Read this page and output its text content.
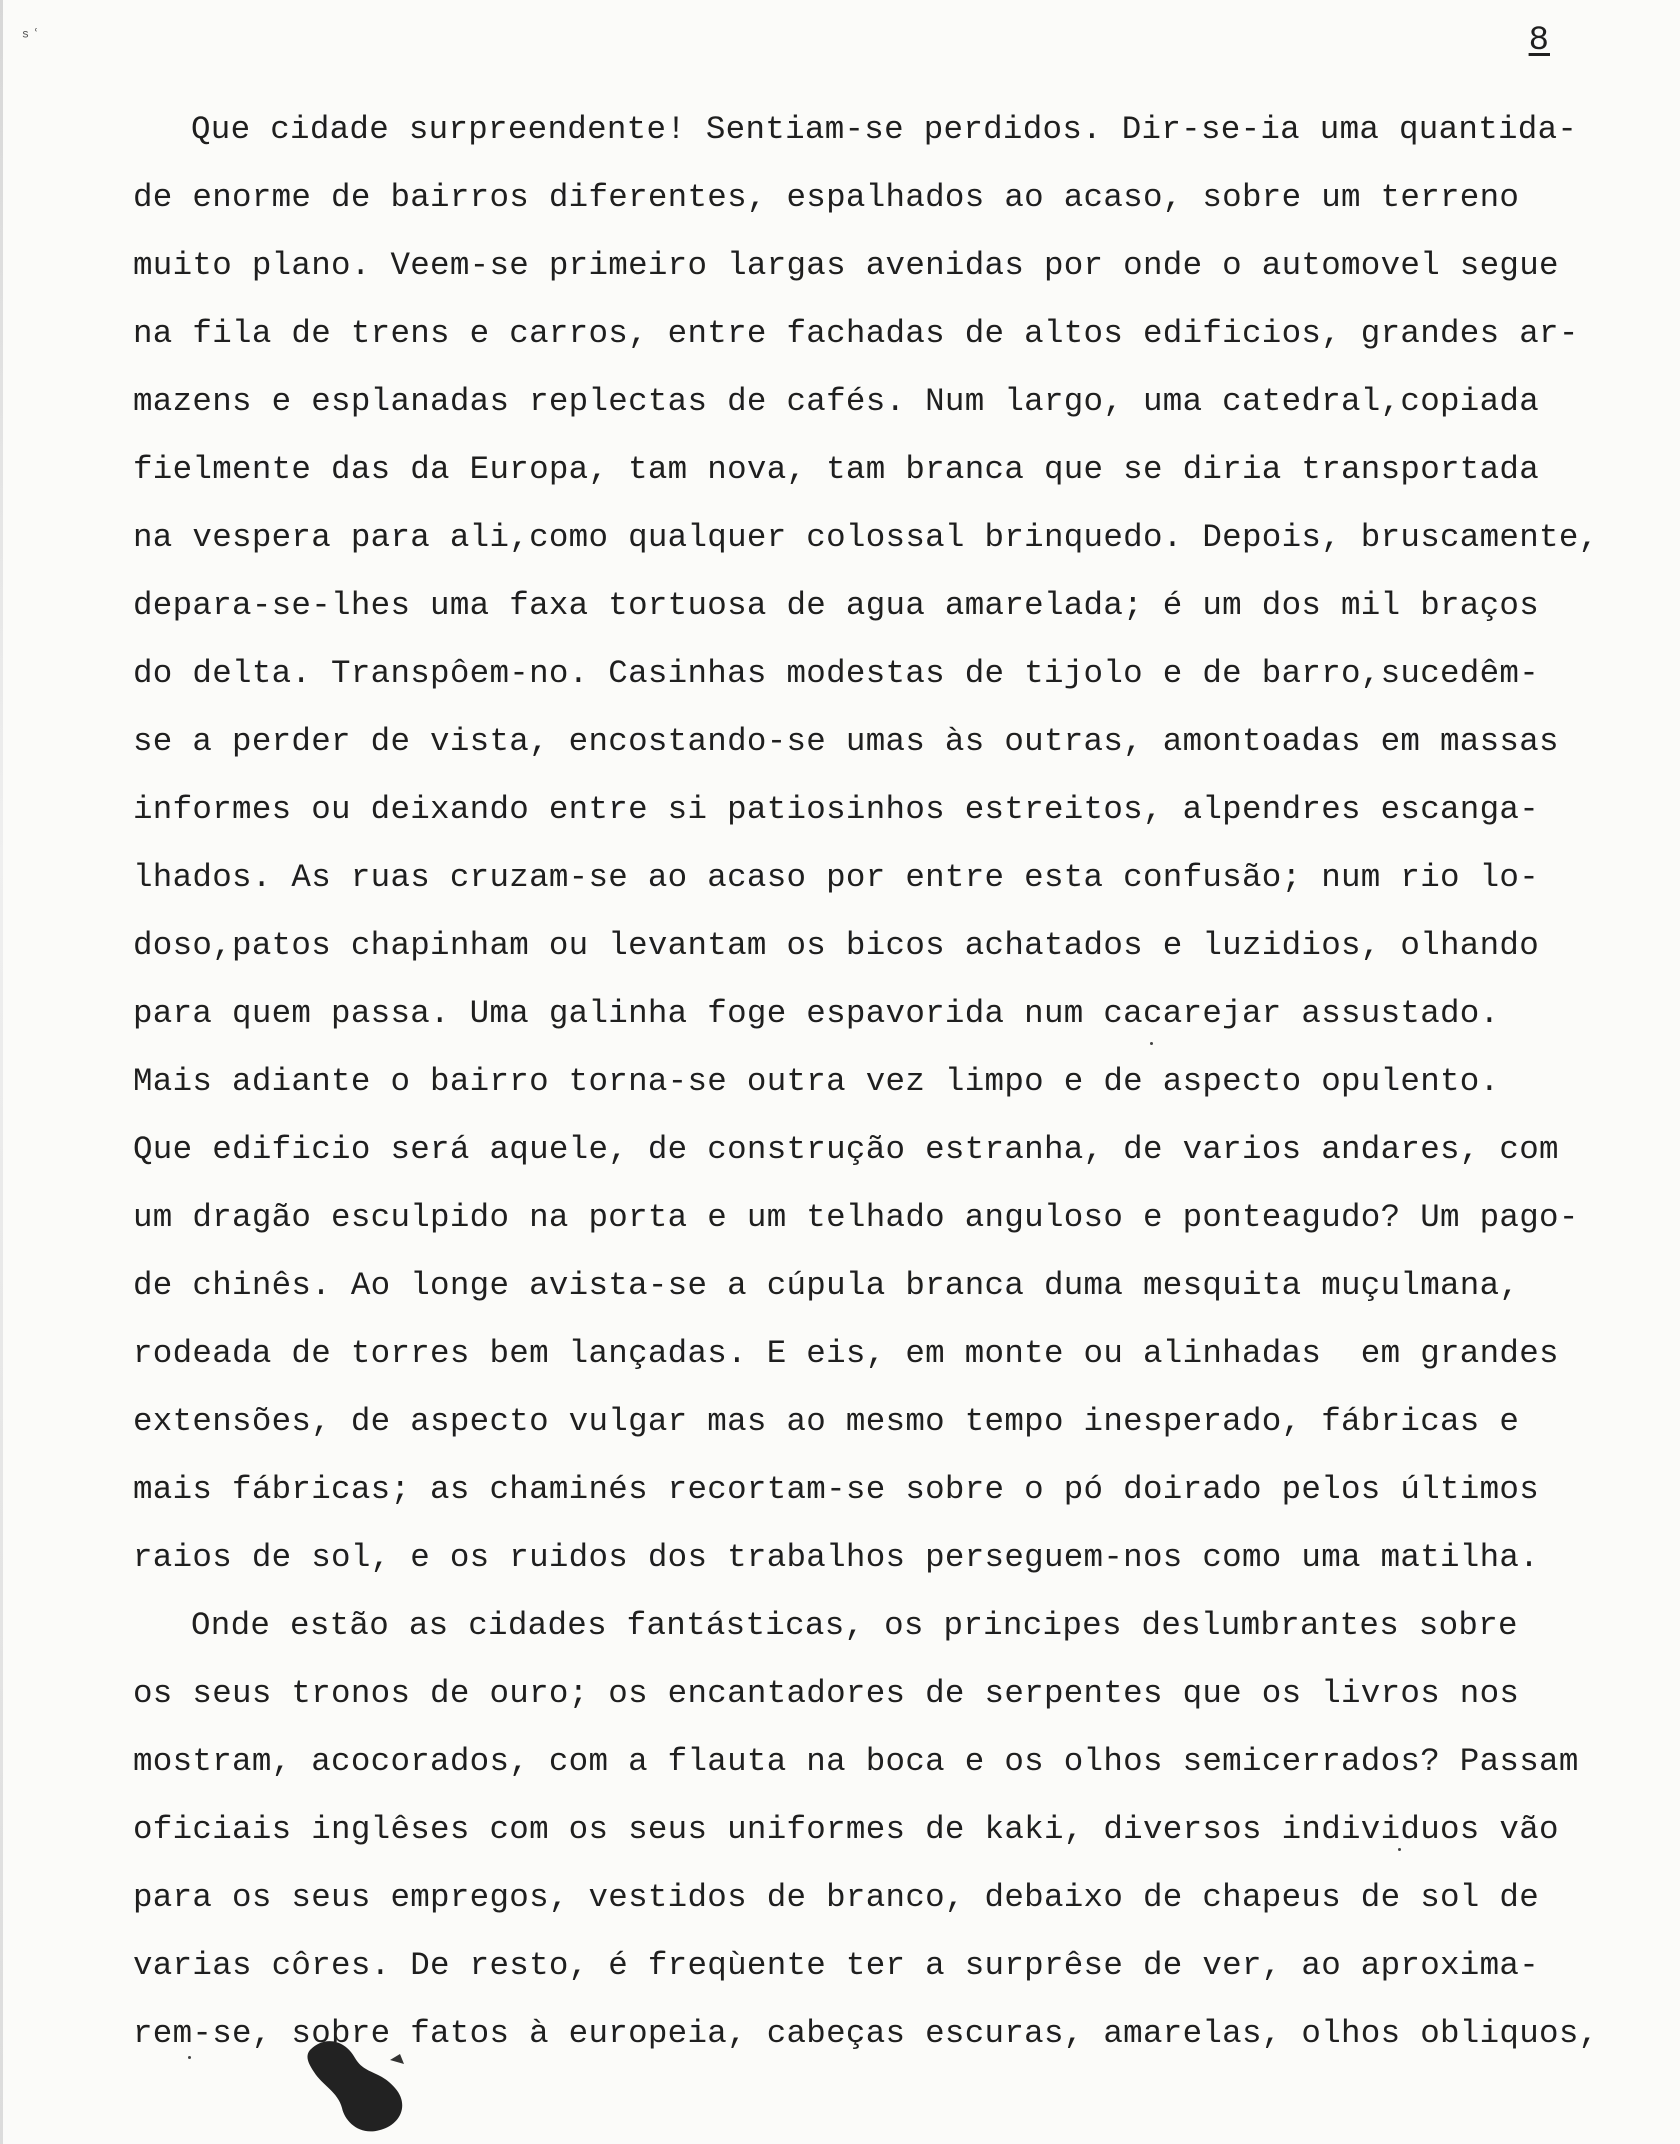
ˢʿ	8
Que cidade surpreendente! Sentiam-se perdidos. Dir-se-ia uma quantida-
de enorme de bairros diferentes, espalhados ao acaso, sobre um terreno
muito plano. Veem-se primeiro largas avenidas por onde o automovel segue
na fila de trens e carros, entre fachadas de altos edificios, grandes ar-
mazens e esplanadas replectas de cafés. Num largo, uma catedral,copiada
fielmente das da Europa, tam nova, tam branca que se diria transportada
na vespera para ali,como qualquer colossal brinquedo. Depois, bruscamente,
depara-se-lhes uma faxa tortuosa de agua amarelada; é um dos mil braços
do delta. Transpôem-no. Casinhas modestas de tijolo e de barro,sucedêm-
se a perder de vista, encostando-se umas às outras, amontoadas em massas
informes ou deixando entre si patiosinhos estreitos, alpendres escanga-
lhados. As ruas cruzam-se ao acaso por entre esta confusão; num rio lo-
doso,patos chapinham ou levantam os bicos achatados e luzidios, olhando
para quem passa. Uma galinha foge espavorida num cacarejar assustado.
Mais adiante o bairro torna-se outra vez limpo e de aspecto opulento.
Que edificio será aquele, de construção estranha, de varios andares, com
um dragão esculpido na porta e um telhado anguloso e ponteagudo? Um pago-
de chinês. Ao longe avista-se a cúpula branca duma mesquita muçulmana,
rodeada de torres bem lançadas. E eis, em monte ou alinhadas  em grandes
extensões, de aspecto vulgar mas ao mesmo tempo inesperado, fábricas e
mais fábricas; as chaminés recortam-se sobre o pó doirado pelos últimos
raios de sol, e os ruidos dos trabalhos perseguem-nos como uma matilha.
Onde estão as cidades fantásticas, os principes deslumbrantes sobre
os seus tronos de ouro; os encantadores de serpentes que os livros nos
mostram, acocorados, com a flauta na boca e os olhos semicerrados? Passam
oficiais inglêses com os seus uniformes de kaki, diversos individuos vão
para os seus empregos, vestidos de branco, debaixo de chapeus de sol de
varias côres. De resto, é freqùente ter a surprêse de ver, ao aproxima-
rem-se, sobre fatos à europeia, cabeças escuras, amarelas, olhos obliquos,
